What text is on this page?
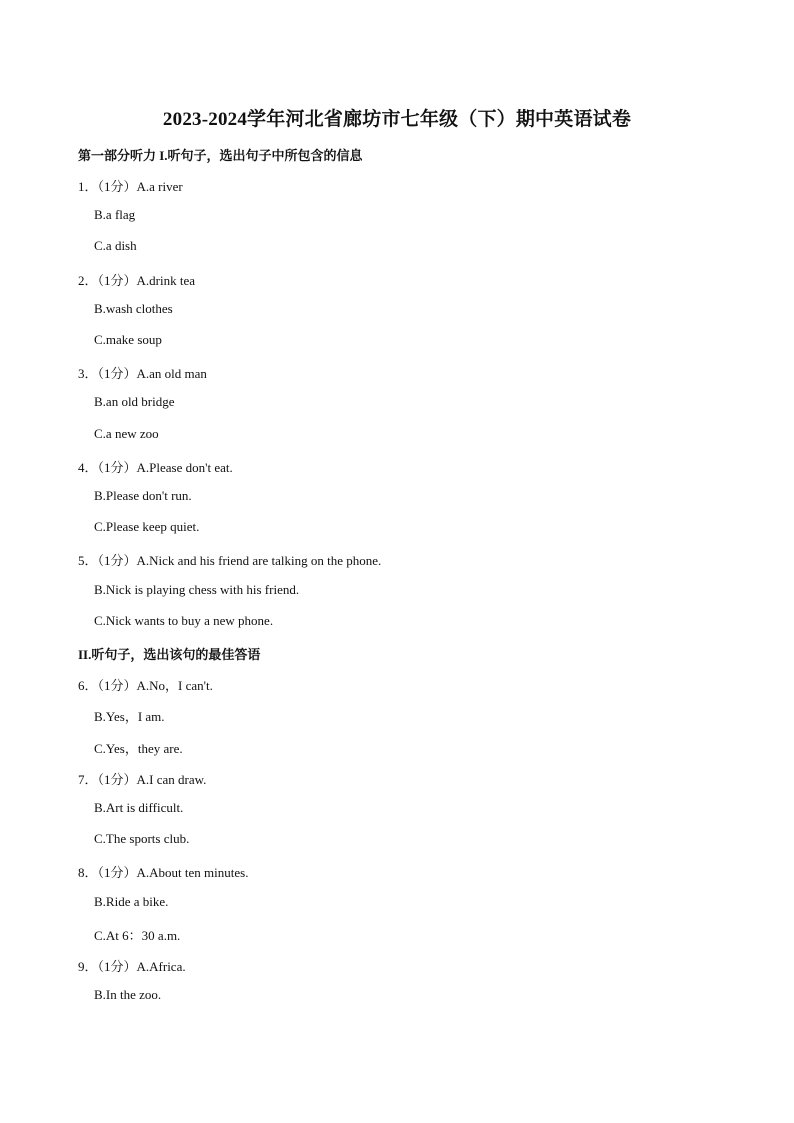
2023-2024学年河北省廊坊市七年级（下）期中英语试卷
第一部分听力 I.听句子，选出句子中所包含的信息
1．（1分）A.a river
B.a flag
C.a dish
2．（1分）A.drink tea
B.wash clothes
C.make soup
3．（1分）A.an old man
B.an old bridge
C.a new zoo
4．（1分）A.Please don't eat.
B.Please don't run.
C.Please keep quiet.
5．（1分）A.Nick and his friend are talking on the phone.
B.Nick is playing chess with his friend.
C.Nick wants to buy a new phone.
II.听句子，选出该句的最佳答语
6．（1分）A.No，I can't.
B.Yes，I am.
C.Yes，they are.
7．（1分）A.I can draw.
B.Art is difficult.
C.The sports club.
8．（1分）A.About ten minutes.
B.Ride a bike.
C.At 6：30 a.m.
9．（1分）A.Africa.
B.In the zoo.
